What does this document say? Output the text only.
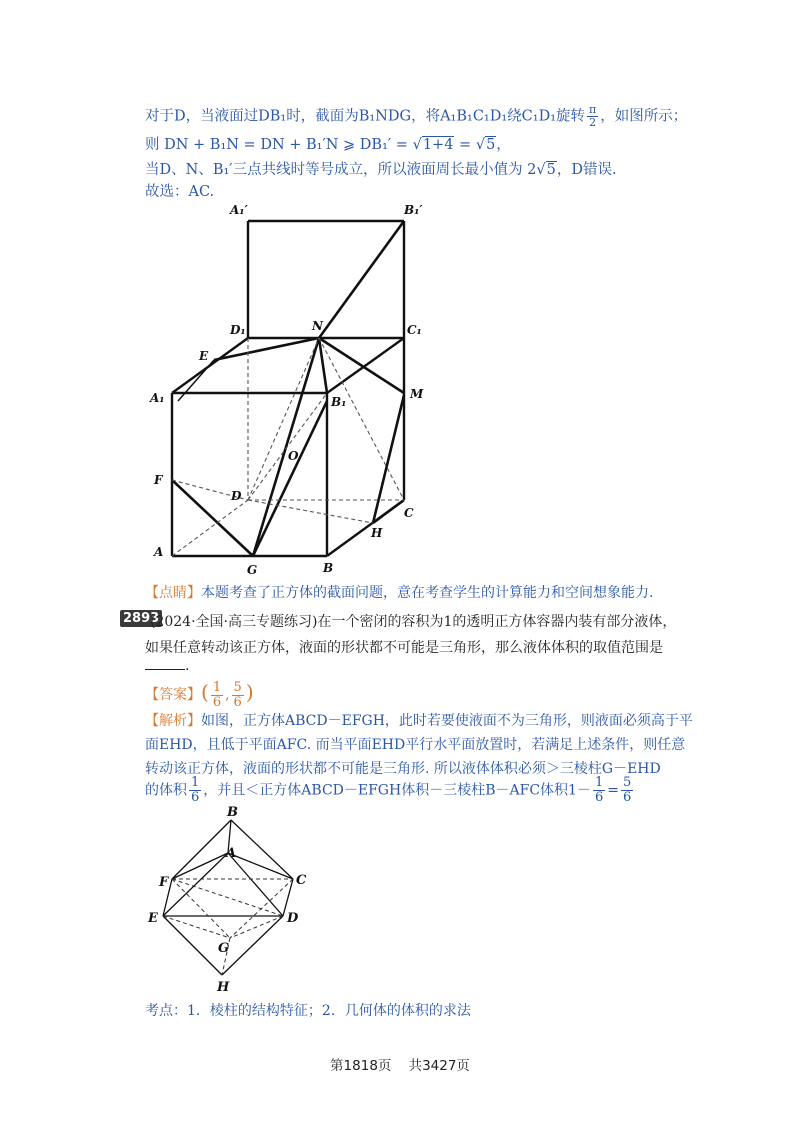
对于D，当液面过DB₁时，截面为B₁NDG，将A₁B₁C₁D₁绕C₁D₁旋转 $\frac{\pi}{2}$ ，如图所示；
则 DN + B₁N = DN + B₁′N ⩾ DB₁′ = √1+4 = √5，
当D、N、B₁′三点共线时等号成立，所以液面周长最小值为 2√5，D错误.
故选：AC.
A₁′	B₁′
D₁	N	C₁
E
A₁	B₁
M
O
F
D
C
H
A
G	B
【点睛】本题考查了正方体的截面问题，意在考查学生的计算能力和空间想象能力.
2893
(2024·全国·高三专题练习)在一个密闭的容积为1的透明正方体容器内装有部分液体，
如果任意转动该正方体，液面的形状都不可能是三角形，那么液体体积的取值范围是
.
【答案】( $\frac{1}{6}$ , $\frac{5}{6}$ )
【解析】如图，正方体ABCD－EFGH，此时若要使液面不为三角形，则液面必须高于平
面EHD，且低于平面AFC. 而当平面EHD平行水平面放置时，若满足上述条件，则任意
转动该正方体，液面的形状都不可能是三角形. 所以液体体积必须＞三棱柱G－EHD
的体积 $\frac{1}{6}$ ，并且＜正方体ABCD－EFGH体积－三棱柱B－AFC体积$1- \frac{1}{6} = \frac{5}{6}$
B
A
F	C
E	D
G
H
考点：1．棱柱的结构特征；2．几何体的体积的求法
第1818页 共3427页
